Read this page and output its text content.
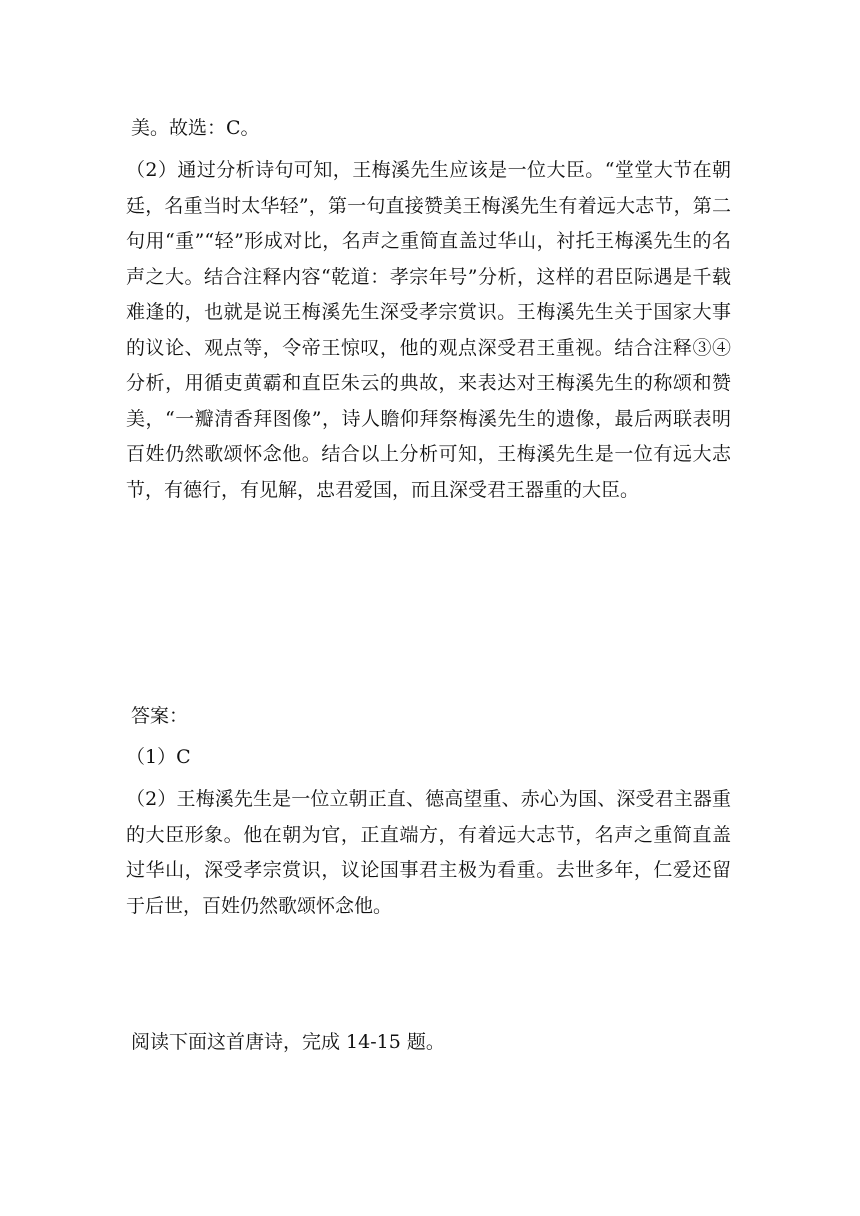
美。故选：C。
（2）通过分析诗句可知，王梅溪先生应该是一位大臣。“堂堂大节在朝廷，名重当时太华轻”，第一句直接赞美王梅溪先生有着远大志节，第二句用“重”“轻”形成对比，名声之重简直盖过华山，衬托王梅溪先生的名声之大。结合注释内容“乾道：孝宗年号”分析，这样的君臣际遇是千载难逢的，也就是说王梅溪先生深受孝宗赏识。王梅溪先生关于国家大事的议论、观点等，令帝王惊叹，他的观点深受君王重视。结合注释③④分析，用循吏黄霸和直臣朱云的典故，来表达对王梅溪先生的称颂和赞美，“一瓣清香拜图像”，诗人瞻仰拜祭梅溪先生的遗像，最后两联表明百姓仍然歌颂怀念他。结合以上分析可知，王梅溪先生是一位有远大志节，有德行，有见解，忠君爱国，而且深受君王器重的大臣。
答案：
（1）C
（2）王梅溪先生是一位立朝正直、德高望重、赤心为国、深受君主器重的大臣形象。他在朝为官，正直端方，有着远大志节，名声之重简直盖过华山，深受孝宗赏识，议论国事君主极为看重。去世多年，仁爱还留于后世，百姓仍然歌颂怀念他。
阅读下面这首唐诗，完成 14-15 题。
